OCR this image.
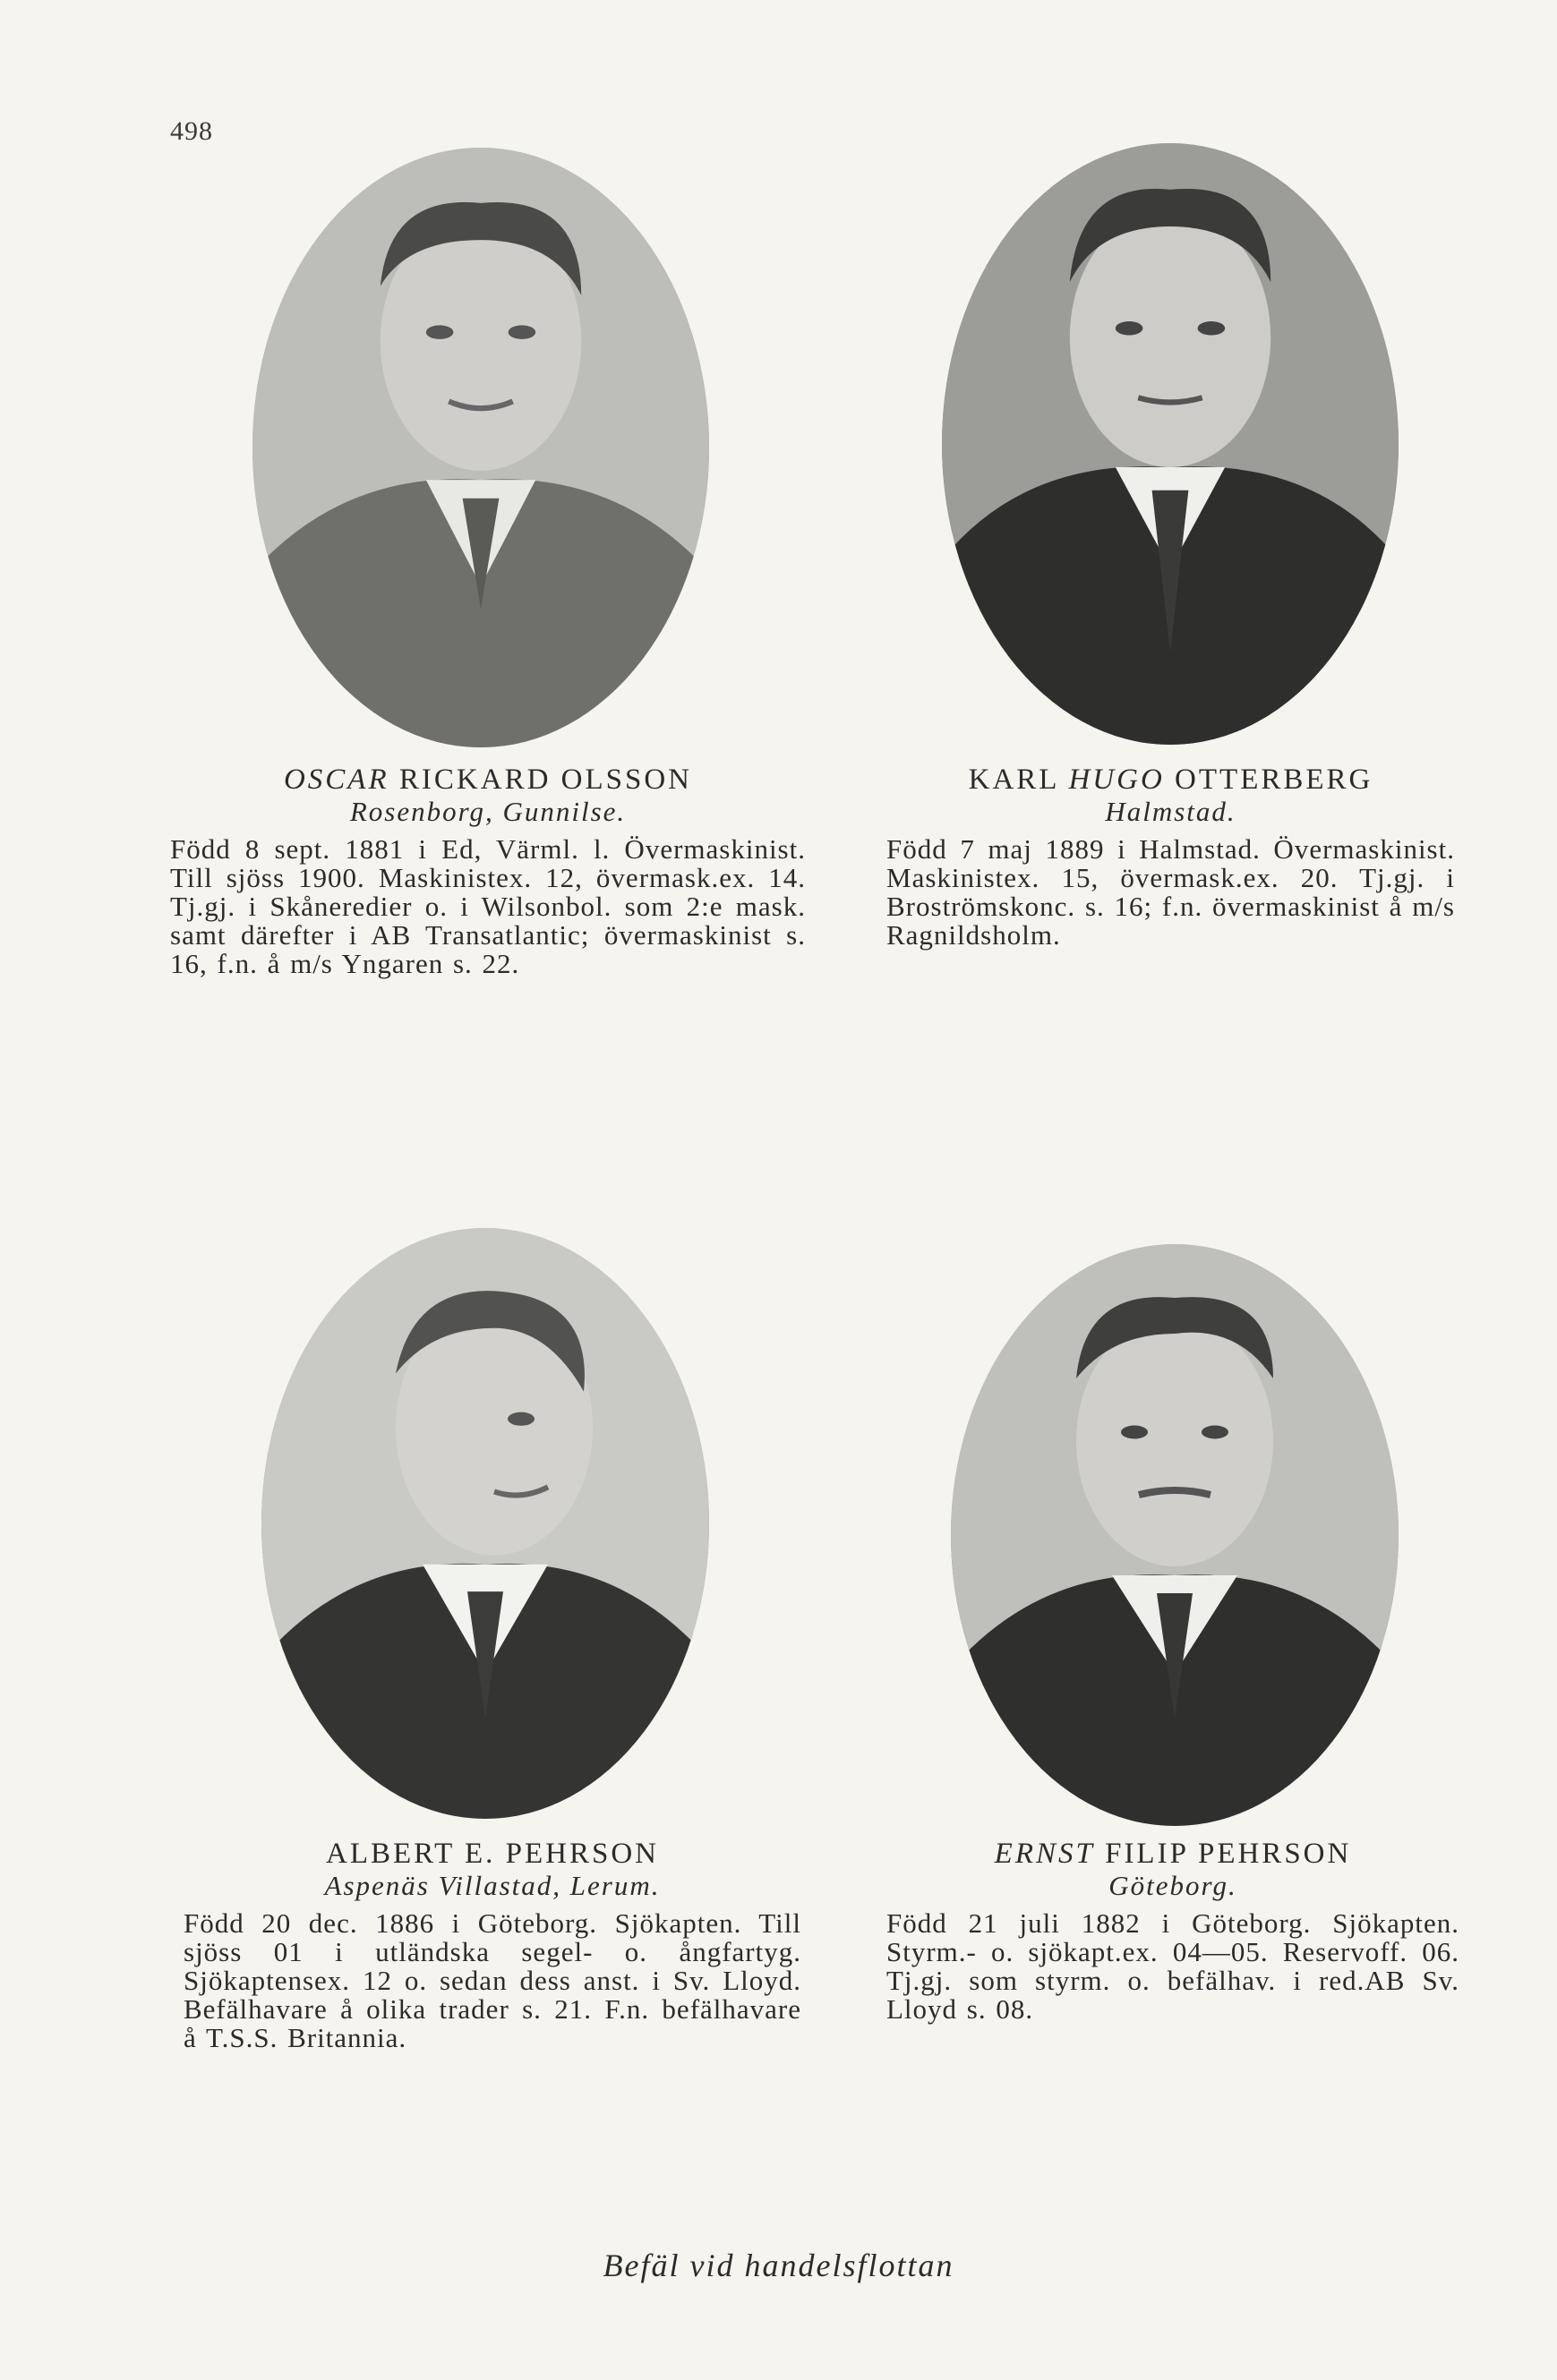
498
OSCAR RICKARD OLSSON
Rosenborg, Gunnilse.
Född 8 sept. 1881 i Ed, Värml. l. Övermaskinist. Till sjöss 1900. Maskinistex. 12, övermask.ex. 14. Tj.gj. i Skåneredier o. i Wilsonbol. som 2:e mask. samt därefter i AB Transatlantic; övermaskinist s. 16, f.n. å m/s Yngaren s. 22.
KARL HUGO OTTERBERG
Halmstad.
Född 7 maj 1889 i Halmstad. Övermaskinist. Maskinistex. 15, övermask.ex. 20. Tj.gj. i Broströmskonc. s. 16; f.n. övermaskinist å m/s Ragnildsholm.
ALBERT E. PEHRSON
Aspenäs Villastad, Lerum.
Född 20 dec. 1886 i Göteborg. Sjökapten. Till sjöss 01 i utländska segel- o. ångfartyg. Sjökaptensex. 12 o. sedan dess anst. i Sv. Lloyd. Befälhavare å olika trader s. 21. F.n. befälhavare å T.S.S. Britannia.
ERNST FILIP PEHRSON
Göteborg.
Född 21 juli 1882 i Göteborg. Sjökapten. Styrm.- o. sjökapt.ex. 04—05. Reservoff. 06. Tj.gj. som styrm. o. befälhav. i red.AB Sv. Lloyd s. 08.
Befäl vid handelsflottan
